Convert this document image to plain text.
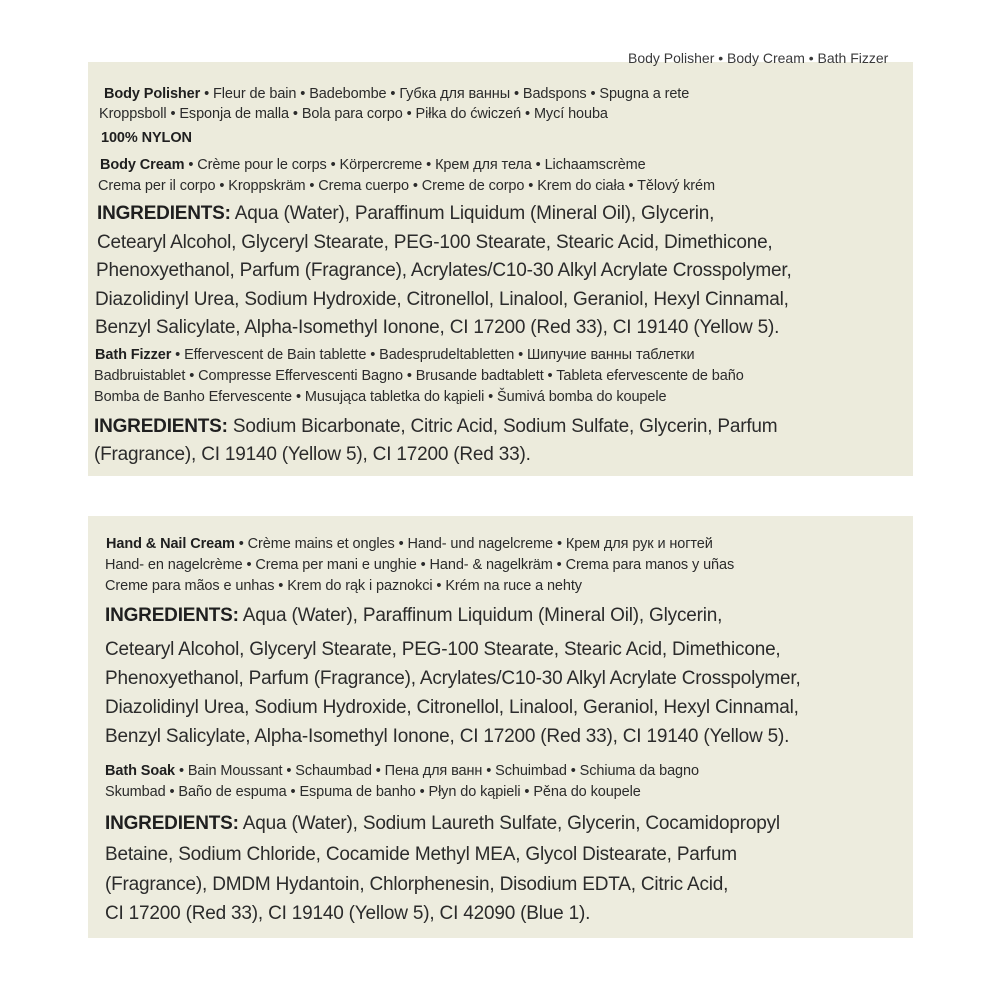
Body Polisher • Body Cream • Bath Fizzer
Body Polisher • Fleur de bain • Badebombe • Губка для ванны • Badspons • Spugna a rete
Kroppsboll • Esponja de malla • Bola para corpo • Piłka do ćwiczeń • Mycí houba
100% NYLON
Body Cream • Crème pour le corps • Körpercreme • Крем для тела • Lichaamscrème
Crema per il corpo • Kroppskräm • Crema cuerpo • Creme de corpo • Krem do ciała • Tělový krém
INGREDIENTS: Aqua (Water), Paraffinum Liquidum (Mineral Oil), Glycerin,
Cetearyl Alcohol, Glyceryl Stearate, PEG-100 Stearate, Stearic Acid, Dimethicone,
Phenoxyethanol, Parfum (Fragrance), Acrylates/C10-30 Alkyl Acrylate Crosspolymer,
Diazolidinyl Urea, Sodium Hydroxide, Citronellol, Linalool, Geraniol, Hexyl Cinnamal,
Benzyl Salicylate, Alpha-Isomethyl Ionone, CI 17200 (Red 33), CI 19140 (Yellow 5).
Bath Fizzer • Effervescent de Bain tablette • Badesprudeltabletten • Шипучие ванны таблетки
Badbruistablet • Compresse Effervescenti Bagno • Brusande badtablett • Tableta efervescente de baño
Bomba de Banho Efervescente • Musująca tabletka do kąpieli • Šumivá bomba do koupele
INGREDIENTS: Sodium Bicarbonate, Citric Acid, Sodium Sulfate, Glycerin, Parfum
(Fragrance), CI 19140 (Yellow 5), CI 17200 (Red 33).
Hand & Nail Cream • Crème mains et ongles • Hand- und nagelcreme • Крем для рук и ногтей
Hand- en nagelcrème • Crema per mani e unghie • Hand- & nagelkräm • Crema para manos y uñas
Creme para mãos e unhas • Krem do rąk i paznokci • Krém na ruce a nehty
INGREDIENTS: Aqua (Water), Paraffinum Liquidum (Mineral Oil), Glycerin,
Cetearyl Alcohol, Glyceryl Stearate, PEG-100 Stearate, Stearic Acid, Dimethicone,
Phenoxyethanol, Parfum (Fragrance), Acrylates/C10-30 Alkyl Acrylate Crosspolymer,
Diazolidinyl Urea, Sodium Hydroxide, Citronellol, Linalool, Geraniol, Hexyl Cinnamal,
Benzyl Salicylate, Alpha-Isomethyl Ionone, CI 17200 (Red 33), CI 19140 (Yellow 5).
Bath Soak • Bain Moussant • Schaumbad • Пена для ванн • Schuimbad • Schiuma da bagno
Skumbad • Baño de espuma • Espuma de banho • Płyn do kąpieli • Pěna do koupele
INGREDIENTS: Aqua (Water), Sodium Laureth Sulfate, Glycerin, Cocamidopropyl
Betaine, Sodium Chloride, Cocamide Methyl MEA, Glycol Distearate, Parfum
(Fragrance), DMDM Hydantoin, Chlorphenesin, Disodium EDTA, Citric Acid,
CI 17200 (Red 33), CI 19140 (Yellow 5), CI 42090 (Blue 1).
